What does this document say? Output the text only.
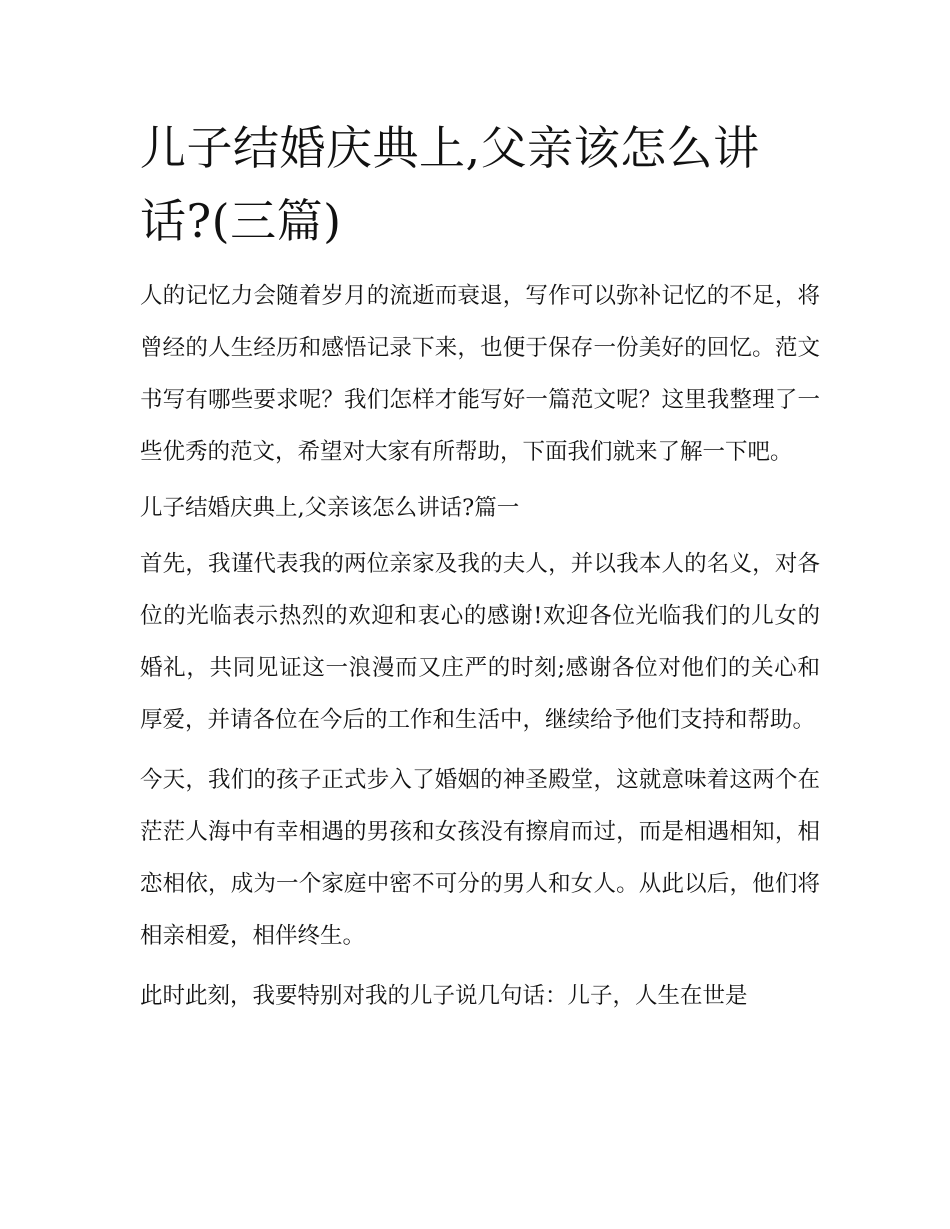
儿子结婚庆典上,父亲该怎么讲话?(三篇)

人的记忆力会随着岁月的流逝而衰退，写作可以弥补记忆的不足，将曾经的人生经历和感悟记录下来，也便于保存一份美好的回忆。范文书写有哪些要求呢？我们怎样才能写好一篇范文呢？这里我整理了一些优秀的范文，希望对大家有所帮助，下面我们就来了解一下吧。

儿子结婚庆典上,父亲该怎么讲话?篇一

首先，我谨代表我的两位亲家及我的夫人，并以我本人的名义，对各位的光临表示热烈的欢迎和衷心的感谢!欢迎各位光临我们的儿女的婚礼，共同见证这一浪漫而又庄严的时刻;感谢各位对他们的关心和厚爱，并请各位在今后的工作和生活中，继续给予他们支持和帮助。

今天，我们的孩子正式步入了婚姻的神圣殿堂，这就意味着这两个在茫茫人海中有幸相遇的男孩和女孩没有擦肩而过，而是相遇相知，相恋相依，成为一个家庭中密不可分的男人和女人。从此以后，他们将相亲相爱，相伴终生。

此时此刻，我要特别对我的儿子说几句话：儿子，人生在世是
